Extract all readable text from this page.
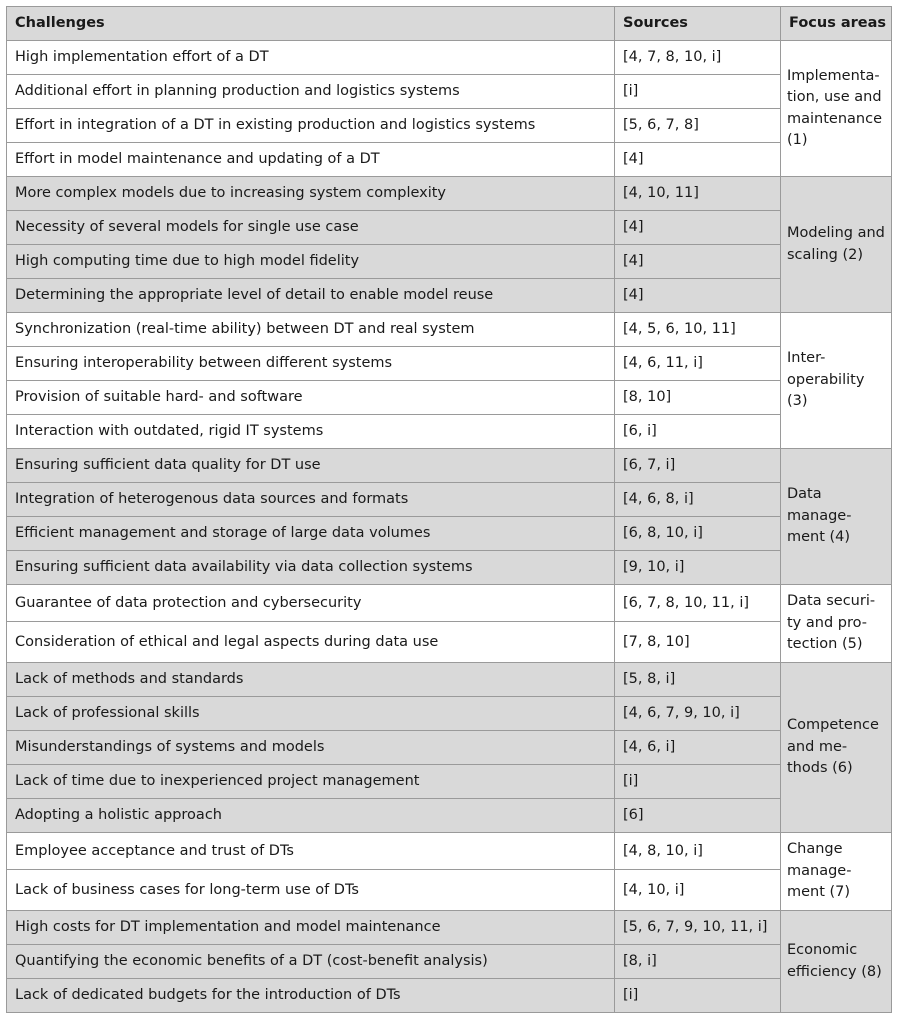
Challenges	Sources	Focus areas
High implementation effort of a DT	[4, 7, 8, 10, i]	Implementa-tion, use and maintenance (1)
Additional effort in planning production and logistics systems	[i]	
Effort in integration of a DT in existing production and logistics systems	[5, 6, 7, 8]	
Effort in model maintenance and updating of a DT	[4]	
More complex models due to increasing system complexity	[4, 10, 11]	Modeling and scaling (2)
Necessity of several models for single use case	[4]	
High computing time due to high model fidelity	[4]	
Determining the appropriate level of detail to enable model reuse	[4]	
Synchronization (real-time ability) between DT and real system	[4, 5, 6, 10, 11]	Inter-operability (3)
Ensuring interoperability between different systems	[4, 6, 11, i]	
Provision of suitable hard- and software	[8, 10]	
Interaction with outdated, rigid IT systems	[6, i]	
Ensuring sufficient data quality for DT use	[6, 7, i]	Data manage-ment (4)
Integration of heterogenous data sources and formats	[4, 6, 8, i]	
Efficient management and storage of large data volumes	[6, 8, 10, i]	
Ensuring sufficient data availability via data collection systems	[9, 10, i]	
Guarantee of data protection and cybersecurity	[6, 7, 8, 10, 11, i]	Data securi-ty and pro-tection (5)
Consideration of ethical and legal aspects during data use	[7, 8, 10]	
Lack of methods and standards	[5, 8, i]	Competence and me-thods (6)
Lack of professional skills	[4, 6, 7, 9, 10, i]	
Misunderstandings of systems and models	[4, 6, i]	
Lack of time due to inexperienced project management	[i]	
Adopting a holistic approach	[6]	
Employee acceptance and trust of DTs	[4, 8, 10, i]	Change manage-ment (7)
Lack of business cases for long-term use of DTs	[4, 10, i]	
High costs for DT implementation and model maintenance	[5, 6, 7, 9, 10, 11, i]	Economic efficiency (8)
Quantifying the economic benefits of a DT (cost-benefit analysis)	[8, i]	
Lack of dedicated budgets for the introduction of DTs	[i]	
